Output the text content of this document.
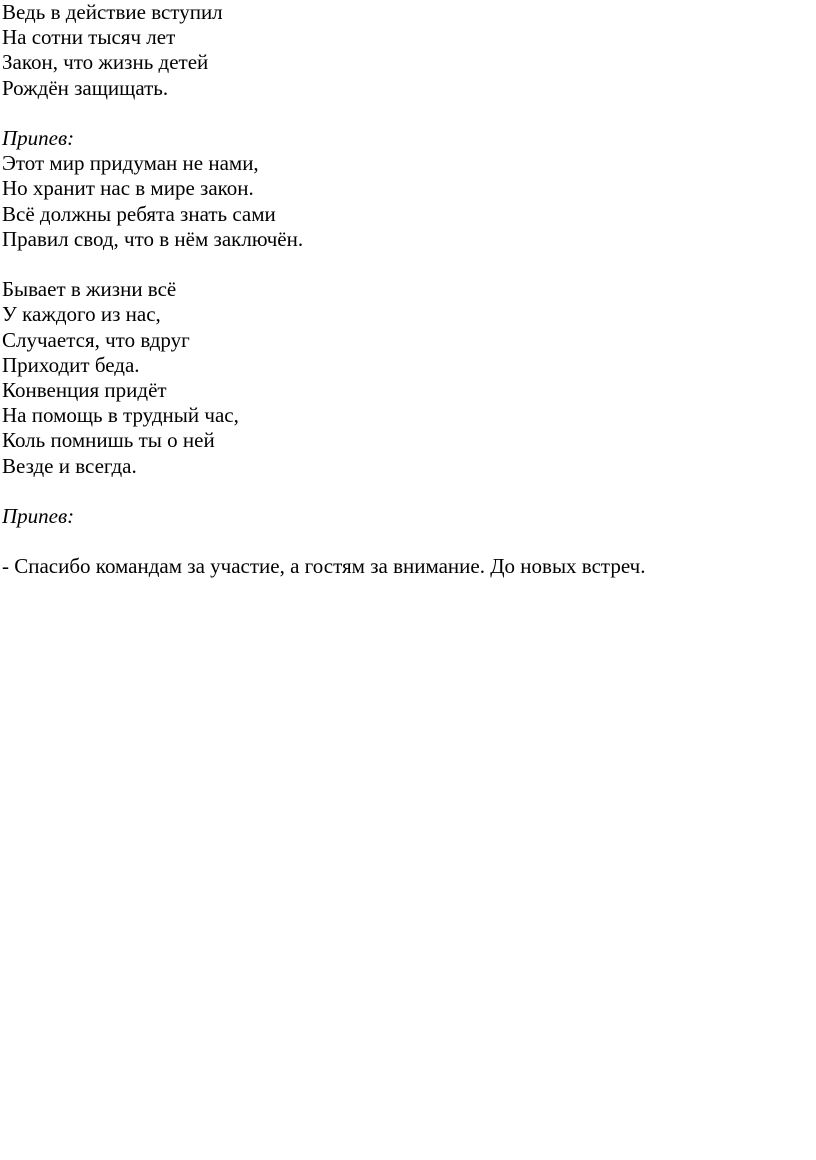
Ведь в действие вступил
На сотни тысяч лет
Закон, что жизнь детей
Рождён защищать.
Припев:
Этот мир придуман не нами,
Но хранит нас в мире закон.
Всё должны ребята знать сами
Правил свод, что в нём заключён.
Бывает в жизни всё
У каждого из нас,
Случается, что вдруг
Приходит беда.
Конвенция придёт
На помощь в трудный час,
Коль помнишь ты о ней
Везде и всегда.
Припев:
- Спасибо командам за участие, а гостям за внимание. До новых встреч.
